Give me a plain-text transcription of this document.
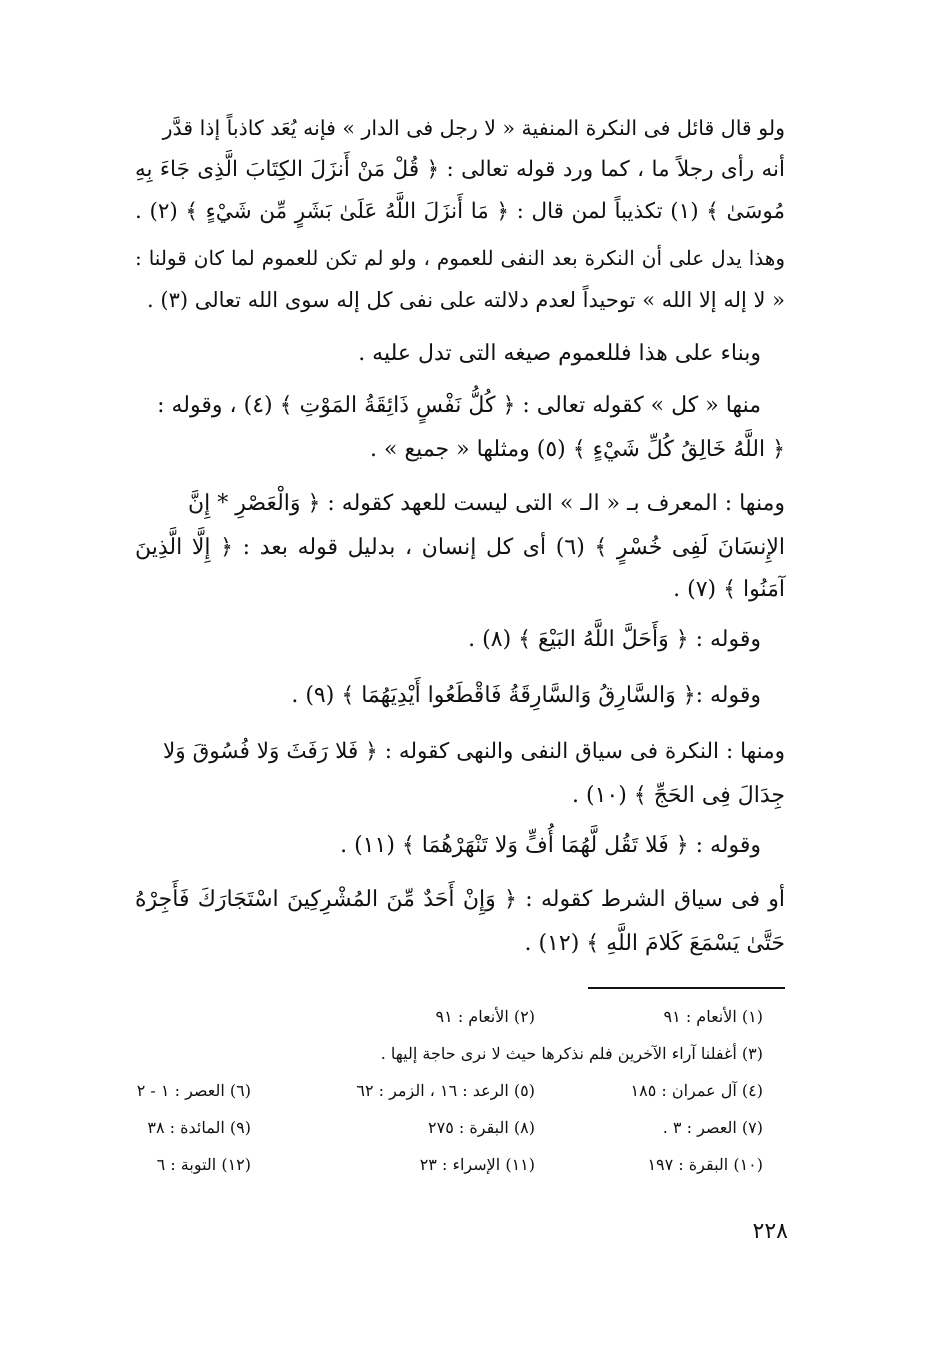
ولو قال قائل فى النكرة المنفية « لا رجل فى الدار » فإنه يُعَد كاذباً إذا قدَّر
أنه رأى رجلاً ما ، كما ورد قوله تعالى : ﴿ قُلْ مَنْ أَنزَلَ الكِتَابَ الَّذِى جَاءَ بِهِ
مُوسَىٰ ﴾ (١) تكذيباً لمن قال : ﴿ مَا أَنزَلَ اللَّهُ عَلَىٰ بَشَرٍ مِّن شَيْءٍ ﴾ (٢) .
وهذا يدل على أن النكرة بعد النفى للعموم ، ولو لم تكن للعموم لما كان قولنا :
« لا إله إلا الله » توحيداً لعدم دلالته على نفى كل إله سوى الله تعالى (٣) .
وبناء على هذا فللعموم صيغه التى تدل عليه .
منها « كل » كقوله تعالى : ﴿ كُلُّ نَفْسٍ ذَائِقَةُ المَوْتِ ﴾ (٤) ، وقوله :
﴿ اللَّهُ خَالِقُ كُلِّ شَيْءٍ ﴾ (٥) ومثلها « جميع » .
ومنها : المعرف بـ « الـ » التى ليست للعهد كقوله : ﴿ وَالْعَصْرِ * إِنَّ
الإِنسَانَ لَفِى خُسْرٍ ﴾ (٦) أى كل إنسان ، بدليل قوله بعد : ﴿ إِلَّا الَّذِينَ
آمَنُوا ﴾ (٧) .
وقوله : ﴿ وَأَحَلَّ اللَّهُ البَيْعَ ﴾ (٨) .
وقوله :﴿ وَالسَّارِقُ وَالسَّارِقَةُ فَاقْطَعُوا أَيْدِيَهُمَا ﴾ (٩) .
ومنها : النكرة فى سياق النفى والنهى كقوله : ﴿ فَلا رَفَثَ وَلا فُسُوقَ وَلا
جِدَالَ فِى الحَجِّ ﴾ (١٠) .
وقوله : ﴿ فَلا تَقُل لَّهُمَا أُفٍّ وَلا تَنْهَرْهُمَا ﴾ (١١) .
أو فى سياق الشرط كقوله : ﴿ وَإِنْ أَحَدٌ مِّنَ المُشْرِكِينَ اسْتَجَارَكَ فَأَجِرْهُ
حَتَّىٰ يَسْمَعَ كَلامَ اللَّهِ ﴾ (١٢) .
(١) الأنعام : ٩١
(٢) الأنعام : ٩١
(٣) أغفلنا آراء الآخرين فلم نذكرها حيث لا نرى حاجة إليها .
(٤) آل عمران : ١٨٥
(٥) الرعد : ١٦ ، الزمر : ٦٢
(٦) العصر : ١ - ٢
(٧) العصر : ٣ .
(٨) البقرة : ٢٧٥
(٩) المائدة : ٣٨
(١٠) البقرة : ١٩٧
(١١) الإسراء : ٢٣
(١٢) التوبة : ٦
٢٢٨
